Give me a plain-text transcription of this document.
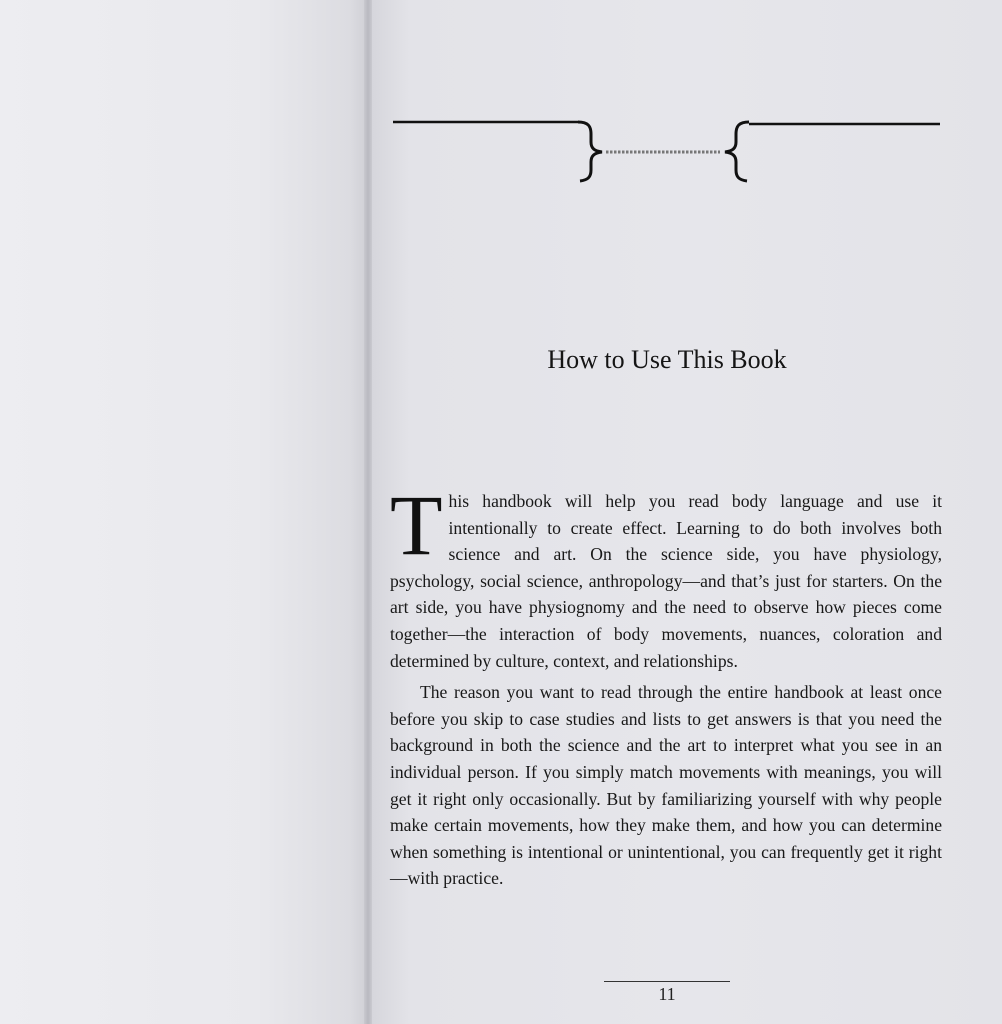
How to Use This Book

This handbook will help you read body language and use it intentionally to create effect. Learning to do both involves both science and art. On the science side, you have physiology, psychology, social science, anthropology—and that’s just for starters. On the art side, you have physiognomy and the need to observe how pieces come together—the interaction of body movements, nuances, coloration and determined by culture, context, and relationships.

The reason you want to read through the entire handbook at least once before you skip to case studies and lists to get answers is that you need the background in both the science and the art to interpret what you see in an individual person. If you simply match movements with meanings, you will get it right only occasionally. But by familiarizing yourself with why people make certain movements, how they make them, and how you can determine when something is intentional or unintentional, you can frequently get it right—with practice.

11
